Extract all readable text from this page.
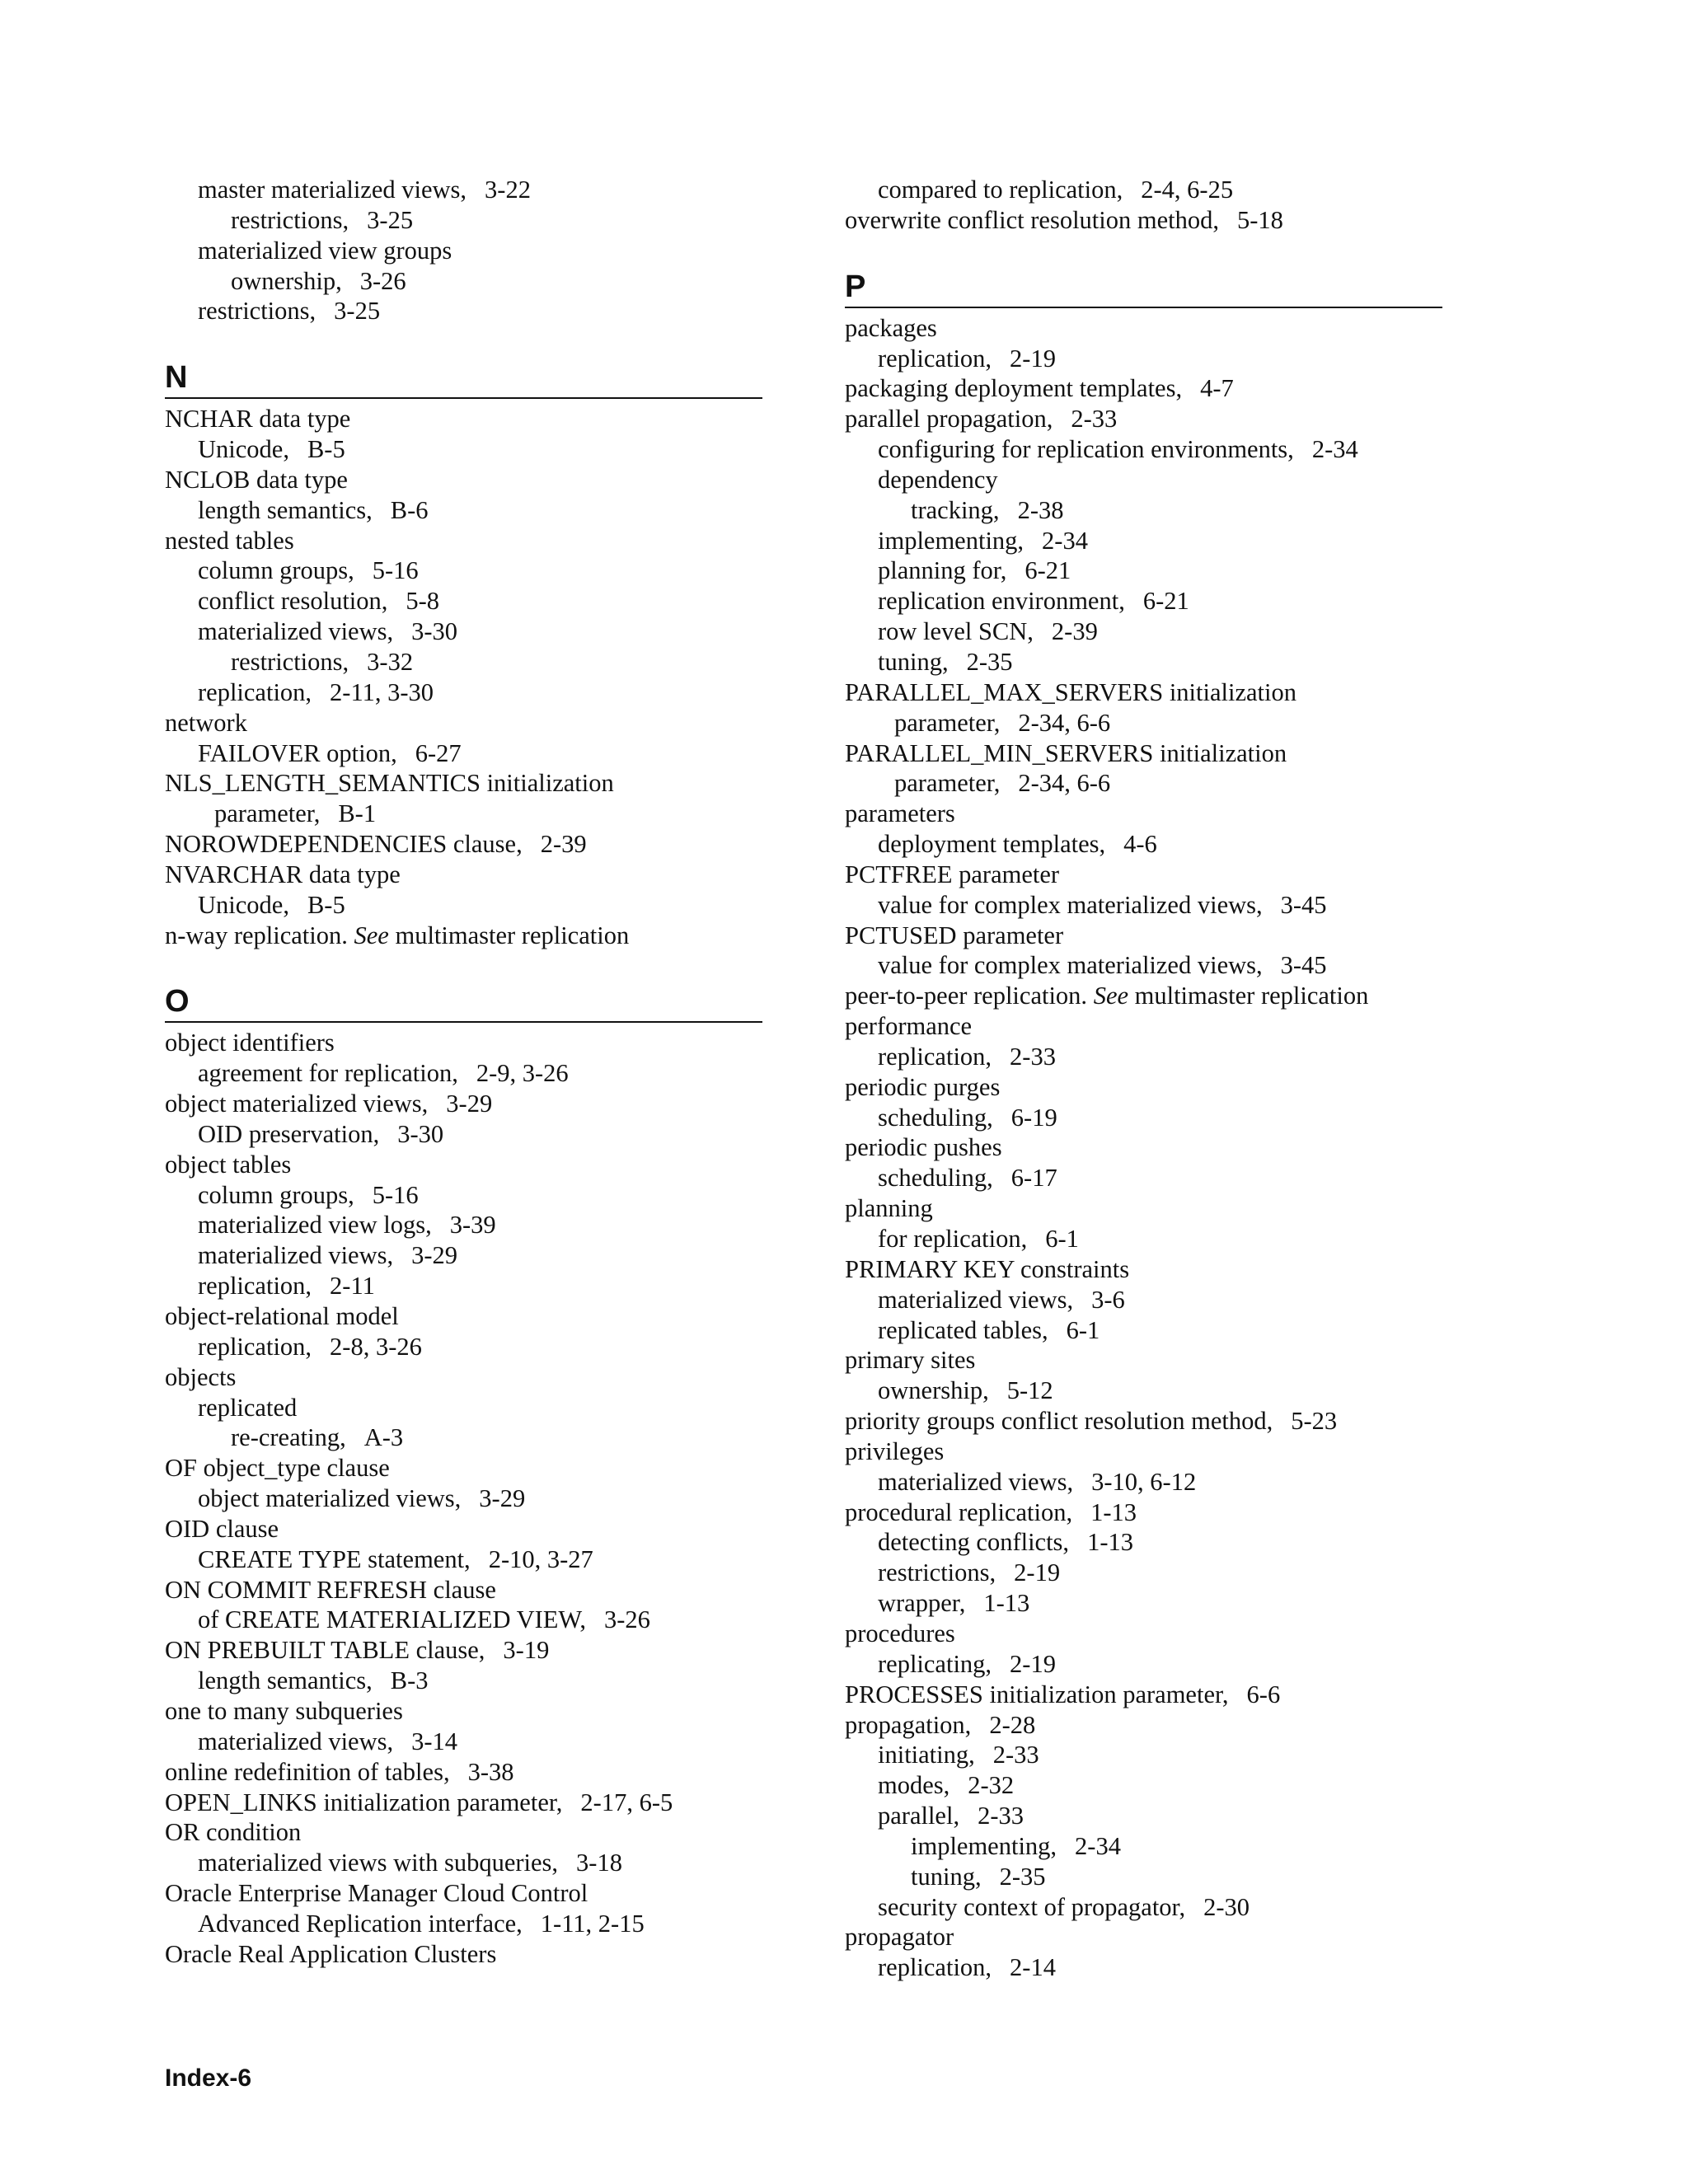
master materialized views, 3-22
restrictions, 3-25
materialized view groups
ownership, 3-26
restrictions, 3-25
N
NCHAR data type
Unicode, B-5
NCLOB data type
length semantics, B-6
nested tables
column groups, 5-16
conflict resolution, 5-8
materialized views, 3-30
restrictions, 3-32
replication, 2-11, 3-30
network
FAILOVER option, 6-27
NLS_LENGTH_SEMANTICS initialization
parameter, B-1
NOROWDEPENDENCIES clause, 2-39
NVARCHAR data type
Unicode, B-5
n-way replication. See multimaster replication
O
object identifiers
agreement for replication, 2-9, 3-26
object materialized views, 3-29
OID preservation, 3-30
object tables
column groups, 5-16
materialized view logs, 3-39
materialized views, 3-29
replication, 2-11
object-relational model
replication, 2-8, 3-26
objects
replicated
re-creating, A-3
OF object_type clause
object materialized views, 3-29
OID clause
CREATE TYPE statement, 2-10, 3-27
ON COMMIT REFRESH clause
of CREATE MATERIALIZED VIEW, 3-26
ON PREBUILT TABLE clause, 3-19
length semantics, B-3
one to many subqueries
materialized views, 3-14
online redefinition of tables, 3-38
OPEN_LINKS initialization parameter, 2-17, 6-5
OR condition
materialized views with subqueries, 3-18
Oracle Enterprise Manager Cloud Control
Advanced Replication interface, 1-11, 2-15
Oracle Real Application Clusters
compared to replication, 2-4, 6-25
overwrite conflict resolution method, 5-18
P
packages
replication, 2-19
packaging deployment templates, 4-7
parallel propagation, 2-33
configuring for replication environments, 2-34
dependency
tracking, 2-38
implementing, 2-34
planning for, 6-21
replication environment, 6-21
row level SCN, 2-39
tuning, 2-35
PARALLEL_MAX_SERVERS initialization
parameter, 2-34, 6-6
PARALLEL_MIN_SERVERS initialization
parameter, 2-34, 6-6
parameters
deployment templates, 4-6
PCTFREE parameter
value for complex materialized views, 3-45
PCTUSED parameter
value for complex materialized views, 3-45
peer-to-peer replication. See multimaster replication
performance
replication, 2-33
periodic purges
scheduling, 6-19
periodic pushes
scheduling, 6-17
planning
for replication, 6-1
PRIMARY KEY constraints
materialized views, 3-6
replicated tables, 6-1
primary sites
ownership, 5-12
priority groups conflict resolution method, 5-23
privileges
materialized views, 3-10, 6-12
procedural replication, 1-13
detecting conflicts, 1-13
restrictions, 2-19
wrapper, 1-13
procedures
replicating, 2-19
PROCESSES initialization parameter, 6-6
propagation, 2-28
initiating, 2-33
modes, 2-32
parallel, 2-33
implementing, 2-34
tuning, 2-35
security context of propagator, 2-30
propagator
replication, 2-14
Index-6
